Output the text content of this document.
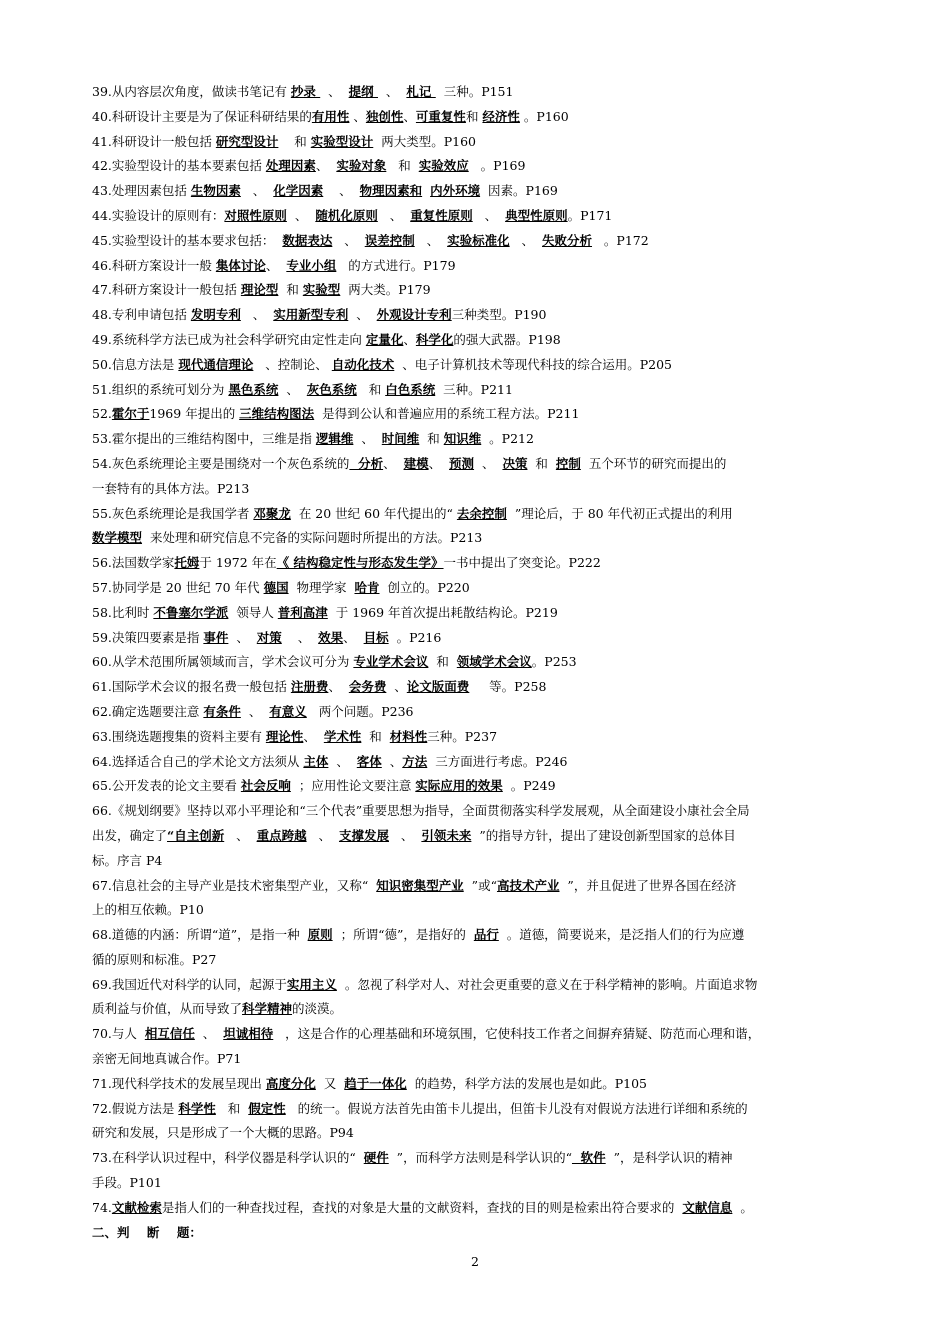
39.从内容层次角度，做读书笔记有 抄录   、  提纲   、  札记   三种。P151
40.科研设计主要是为了保证科研结果的有用性 、独创性、可重复性和 经济性 。P160
41.科研设计一般包括 研究型设计    和 实验型设计  两大类型。P160
42.实验型设计的基本要素包括 处理因素、  实验对象   和  实验效应   。P169
43.处理因素包括 生物因素   、  化学因素    、  物理因素和 内外环境  因素。P169
44.实验设计的原则有：对照性原则  、  随机化原则   、  重复性原则   、  典型性原则。P171
45.实验型设计的基本要求包括：  数据表达   、  误差控制   、  实验标准化   、  失败分析   。P172
46.科研方案设计一般 集体讨论、  专业小组   的方式进行。P179
47.科研方案设计一般包括 理论型  和 实验型  两大类。P179
48.专利申请包括 发明专利   、  实用新型专利  、  外观设计专利三种类型。P190
49.系统科学方法已成为社会科学研究由定性走向 定量化、科学化的强大武器。P198
50.信息方法是 现代通信理论   、控制论、 自动化技术  、电子计算机技术等现代科技的综合运用。P205
51.组织的系统可划分为 黑色系统  、  灰色系统   和 白色系统  三种。P211
52.霍尔于1969 年提出的 三维结构图法  是得到公认和普遍应用的系统工程方法。P211
53.霍尔提出的三维结构图中，三维是指 逻辑维  、  时间维  和 知识维  。P212
54.灰色系统理论主要是围绕对一个灰色系统的  分析、  建模、  预测  、  决策  和  控制  五个环节的研究而提出的
一套特有的具体方法。P213
55.灰色系统理论是我国学者 邓聚龙  在 20 世纪 60 年代提出的“ 去余控制  ”理论后，于 80 年代初正式提出的利用
数学模型  来处理和研究信息不完备的实际问题时所提出的方法。P213
56.法国数学家托姆于 1972 年在《 结构稳定性与形态发生学》一书中提出了突变论。P222
57.协同学是 20 世纪 70 年代 德国  物理学家  哈肯  创立的。P220
58.比利时 不鲁塞尔学派  领导人 普利高津  于 1969 年首次提出耗散结构论。P219
59.决策四要素是指 事件  、  对策    、  效果、  目标  。P216
60.从学术范围所属领域而言，学术会议可分为 专业学术会议  和  领域学术会议。P253
61.国际学术会议的报名费一般包括 注册费、  会务费  、论文版面费     等。P258
62.确定选题要注意 有条件  、  有意义   两个问题。P236
63.围绕选题搜集的资料主要有 理论性、  学术性  和  材料性三种。P237
64.选择适合自己的学术论文方法须从 主体  、  客体  、方法  三方面进行考虑。P246
65.公开发表的论文主要看 社会反响  ；应用性论文要注意 实际应用的效果  。P249
66.《规划纲要》坚持以邓小平理论和“三个代表”重要思想为指导，全面贯彻落实科学发展观，从全面建设小康社会全局
出发，确定了“自主创新   、  重点跨越   、  支撑发展   、  引领未来  ”的指导方针，提出了建设创新型国家的总体目
标。序言 P4
67.信息社会的主导产业是技术密集型产业，又称“  知识密集型产业  ”或“高技术产业  ”，并且促进了世界各国在经济
上的相互依赖。P10
68.道德的内涵：所谓“道”，是指一种  原则  ；所谓“德”，是指好的  品行  。道德，简要说来，是泛指人们的行为应遵
循的原则和标准。P27
69.我国近代对科学的认同，起源于实用主义  。忽视了科学对人、对社会更重要的意义在于科学精神的影响。片面追求物
质利益与价值，从而导致了科学精神的淡漠。
70.与人  相互信任  、  坦诚相待   ，这是合作的心理基础和环境氛围，它使科技工作者之间摒弃猜疑、防范而心理和谐，
亲密无间地真诚合作。P71
71.现代科学技术的发展呈现出 高度分化  又  趋于一体化  的趋势，科学方法的发展也是如此。P105
72.假说方法是 科学性   和  假定性   的统一。假说方法首先由笛卡儿提出，但笛卡儿没有对假说方法进行详细和系统的
研究和发展，只是形成了一个大概的思路。P94
73.在科学认识过程中，科学仪器是科学认识的“  硬件  ”，而科学方法则是科学认识的“  软件  ”，是科学认识的精神
手段。P101
74.文献检索是指人们的一种查找过程，查找的对象是大量的文献资料，查找的目的则是检索出符合要求的  文献信息  。
二、判    断    题：
2
